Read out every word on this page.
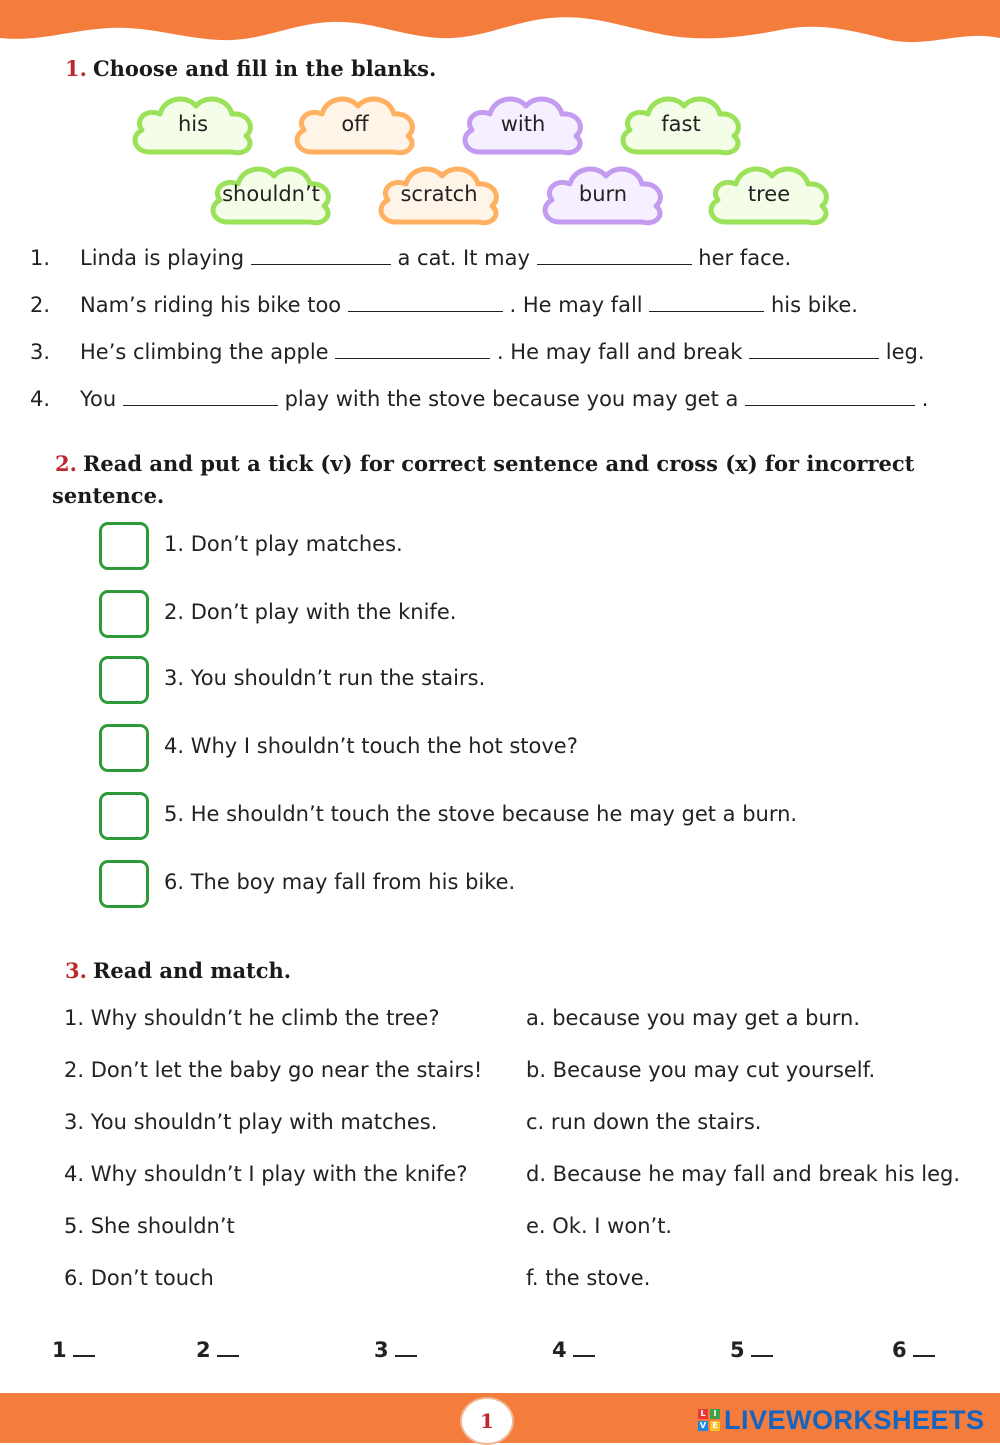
1. Choose and fill in the blanks.
his	off	with	fast
shouldn’t	scratch	burn	tree
1. Linda is playing	a cat. It may	her face.
2. Nam’s riding his bike too	. He may fall	his bike.
3. He’s climbing the apple	. He may fall and break	leg.
4. You	play with the stove because you may get a	.
2. Read and put a tick (v) for correct sentence and cross (x) for incorrect
sentence.
1. Don’t play matches.
2. Don’t play with the knife.
3. You shouldn’t run the stairs.
4. Why I shouldn’t touch the hot stove?
5. He shouldn’t touch the stove because he may get a burn.
6. The boy may fall from his bike.
3. Read and match.
1. Why shouldn’t he climb the tree?	a. because you may get a burn.
2. Don’t let the baby go near the stairs! b. Because you may cut yourself.
3. You shouldn’t play with matches.	c. run down the stairs.
4. Why shouldn’t I play with the knife?	d. Because he may fall and break his leg.
5. She shouldn’t	e. Ok. I won’t.
6. Don’t touch	f. the stove.
1	2	3	4	5	6
1	L I
V E LIVEWORKSHEETS
